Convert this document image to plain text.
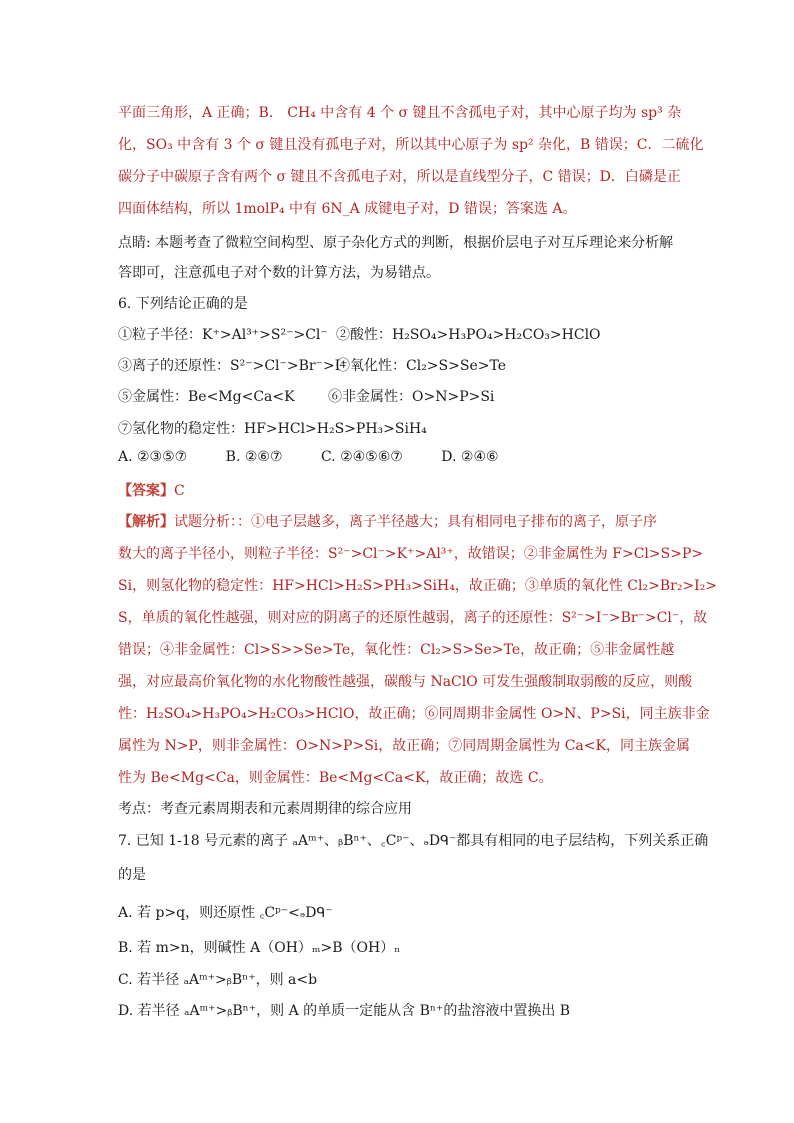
平面三角形，A 正确；B． CH₄ 中含有 4 个 σ 键且不含孤电子对，其中心原子均为 sp³ 杂
化，SO₃ 中含有 3 个 σ 键且没有孤电子对，所以其中心原子为 sp² 杂化，B 错误；C．二硫化
碳分子中碳原子含有两个 σ 键且不含孤电子对，所以是直线型分子，C 错误；D．白磷是正
四面体结构，所以 1molP₄ 中有 6N_A 成键电子对，D 错误；答案选 A。
点睛: 本题考查了微粒空间构型、原子杂化方式的判断，根据价层电子对互斥理论来分析解
答即可，注意孤电子对个数的计算方法，为易错点。
6. 下列结论正确的是
①粒子半径：K⁺>Al³⁺>S²⁻>Cl⁻ ②酸性：H₂SO₄>H₃PO₄>H₂CO₃>HClO
③离子的还原性：S²⁻>Cl⁻>Br⁻>I⁻
④氧化性：Cl₂>S>Se>Te
⑤金属性：Be<Mg<Ca<K ⑥非金属性：O>N>P>Si
⑦氢化物的稳定性：HF>HCl>H₂S>PH₃>SiH₄
A. ②③⑤⑦	B. ②⑥⑦	C. ②④⑤⑥⑦	D. ②④⑥
【答案】C
【解析】试题分析：：①电子层越多，离子半径越大；具有相同电子排布的离子，原子序
数大的离子半径小，则粒子半径：S²⁻>Cl⁻>K⁺>Al³⁺，故错误；②非金属性为 F>Cl>S>P>
Si，则氢化物的稳定性：HF>HCl>H₂S>PH₃>SiH₄，故正确；③单质的氧化性 Cl₂>Br₂>I₂>
S，单质的氧化性越强，则对应的阴离子的还原性越弱，离子的还原性：S²⁻>I⁻>Br⁻>Cl⁻，故
错误；④非金属性：Cl>S>>Se>Te，氧化性：Cl₂>S>Se>Te，故正确；⑤非金属性越
强，对应最高价氧化物的水化物酸性越强，碳酸与 NaClO 可发生强酸制取弱酸的反应，则酸
性：H₂SO₄>H₃PO₄>H₂CO₃>HClO，故正确；⑥同周期非金属性 O>N、P>Si，同主族非金
属性为 N>P，则非金属性：O>N>P>Si，故正确；⑦同周期金属性为 Ca<K，同主族金属
性为 Be<Mg<Ca，则金属性：Be<Mg<Ca<K，故正确；故选 C。
考点：考查元素周期表和元素周期律的综合应用
7. 已知 1-18 号元素的离子 ₐAᵐ⁺、ᵦBⁿ⁺、꜀Cᵖ⁻、ₔDᑫ⁻都具有相同的电子层结构，下列关系正确
的是
A. 若 p>q，则还原性 ꜀Cᵖ⁻<ₔDᑫ⁻
B. 若 m>n，则碱性 A（OH）ₘ>B（OH）ₙ
C. 若半径 ₐAᵐ⁺>ᵦBⁿ⁺，则 a<b
D. 若半径 ₐAᵐ⁺>ᵦBⁿ⁺，则 A 的单质一定能从含 Bⁿ⁺的盐溶液中置换出 B
